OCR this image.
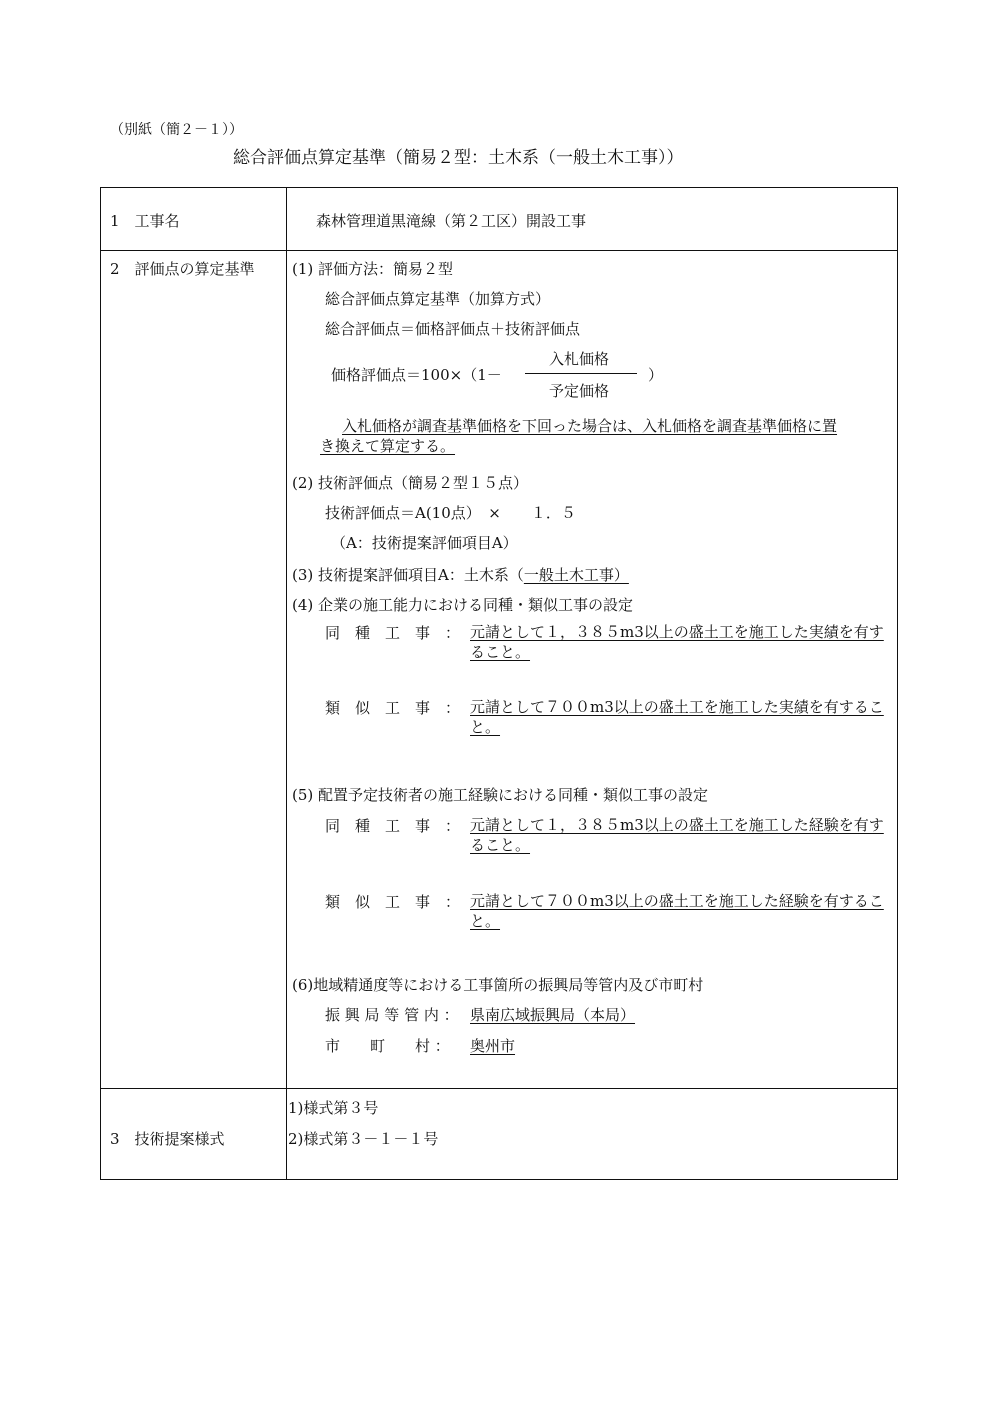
（別紙（簡２－１））
総合評価点算定基準（簡易２型：土木系（一般土木工事））
1　工事名	森林管理道黒滝線（第２工区）開設工事
2　評価点の算定基準 (1) 評価方法：簡易２型
総合評価点算定基準（加算方式）
総合評価点＝価格評価点＋技術評価点
価格評価点＝100×（1－
入札価格
予定価格
）
入札価格が調査基準価格を下回った場合は、入札価格を調査基準価格に置き換えて算定する。
(2) 技術評価点（簡易２型１５点）
技術評価点＝A(10点）　×　　１．５
（A：技術提案評価項目A）
(3) 技術提案評価項目A：土木系（一般土木工事）
(4) 企業の施工能力における同種・類似工事の設定
同　種　工　事　： 元請として１，３８５m3以上の盛土工を施工した実績を有すること。
類　似　工　事　： 元請として７００m3以上の盛土工を施工した実績を有すること。
(5) 配置予定技術者の施工経験における同種・類似工事の設定
同　種　工　事　： 元請として１，３８５m3以上の盛土工を施工した経験を有すること。
類　似　工　事　： 元請として７００m3以上の盛土工を施工した経験を有すること。
(6)地域精通度等における工事箇所の振興局等管内及び市町村
振 興 局 等 管 内 ： 県南広域振興局（本局）
市　　町　　村 ： 奥州市
3　技術提案様式
1)様式第３号
2)様式第３－１－１号
